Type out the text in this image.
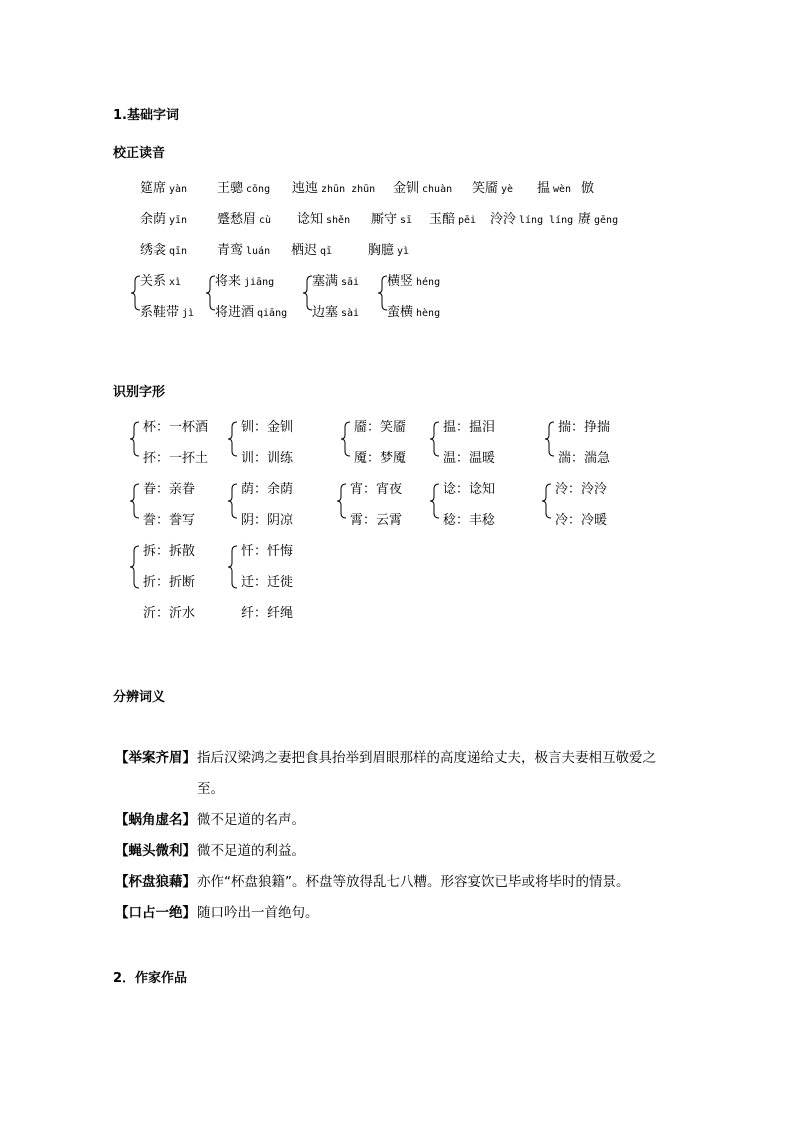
1.基础字词
校正读音
筵席 yàn 王骢 cōng 迍迍 zhūn zhūn 金钏 chuàn 笑靥 yè 揾 wèn 倣
余荫 yīn 蹙愁眉 cù 谂知 shěn 厮守 sī 玉醅 pēi 泠泠 líng líng 赓 gēng
绣衾 qīn 青鸾 luán 栖迟 qī	胸臆 yì
关系 xì
系鞋带 jì
将来 jiāng
将进酒 qiāng
塞满 sāi
边塞 sài
横竖 héng
蛮横 hèng
识别字形
杯：一杯酒
抔：一抔土
钏：金钏
训：训练
靥：笑靥
魇：梦魇
揾：揾泪
温：温暖
揣：挣揣
湍：湍急
眷：亲眷
誊：誊写
荫：余荫
阴：阴凉
宵：宵夜
霄：云霄
谂：谂知
稔：丰稔
泠：泠泠
冷：冷暖
拆：拆散
折：折断
沂：沂水
忏：忏悔
迁：迁徙
纤：纤绳
分辨词义
【举案齐眉】 指后汉梁鸿之妻把食具抬举到眉眼那样的高度递给丈夫，极言夫妻相互敬爱之
至。
【蜗角虚名】 微不足道的名声。
【蝇头微利】 微不足道的利益。
【杯盘狼藉】 亦作“杯盘狼籍”。杯盘等放得乱七八糟。形容宴饮已毕或将毕时的情景。
【口占一绝】 随口吟出一首绝句。
2．作家作品
